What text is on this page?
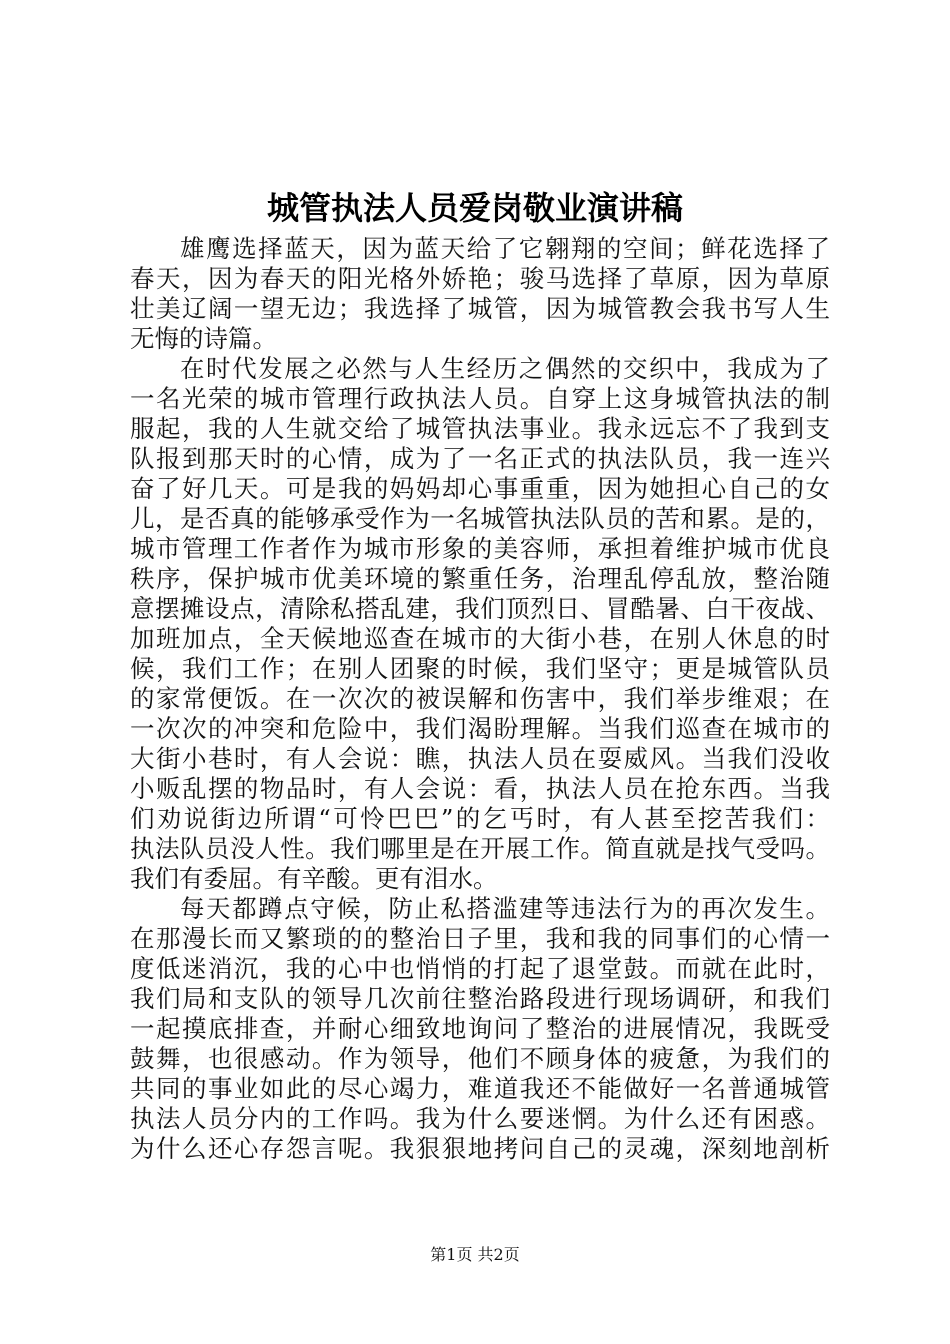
城管执法人员爱岗敬业演讲稿
雄鹰选择蓝天，因为蓝天给了它翱翔的空间；鲜花选择了
春天，因为春天的阳光格外娇艳；骏马选择了草原，因为草原
壮美辽阔一望无边；我选择了城管，因为城管教会我书写人生
无悔的诗篇。
在时代发展之必然与人生经历之偶然的交织中，我成为了
一名光荣的城市管理行政执法人员。自穿上这身城管执法的制
服起，我的人生就交给了城管执法事业。我永远忘不了我到支
队报到那天时的心情，成为了一名正式的执法队员，我一连兴
奋了好几天。可是我的妈妈却心事重重，因为她担心自己的女
儿，是否真的能够承受作为一名城管执法队员的苦和累。是的，
城市管理工作者作为城市形象的美容师，承担着维护城市优良
秩序，保护城市优美环境的繁重任务，治理乱停乱放，整治随
意摆摊设点，清除私搭乱建，我们顶烈日、冒酷暑、白干夜战、
加班加点，全天候地巡查在城市的大街小巷，在别人休息的时
候，我们工作；在别人团聚的时候，我们坚守；更是城管队员
的家常便饭。在一次次的被误解和伤害中，我们举步维艰；在
一次次的冲突和危险中，我们渴盼理解。当我们巡查在城市的
大街小巷时，有人会说：瞧，执法人员在耍威风。当我们没收
小贩乱摆的物品时，有人会说：看，执法人员在抢东西。当我
们劝说街边所谓“可怜巴巴”的乞丐时，有人甚至挖苦我们：
执法队员没人性。我们哪里是在开展工作。简直就是找气受吗。
我们有委屈。有辛酸。更有泪水。
每天都蹲点守候，防止私搭滥建等违法行为的再次发生。
在那漫长而又繁琐的的整治日子里，我和我的同事们的心情一
度低迷消沉，我的心中也悄悄的打起了退堂鼓。而就在此时，
我们局和支队的领导几次前往整治路段进行现场调研，和我们
一起摸底排查，并耐心细致地询问了整治的进展情况，我既受
鼓舞，也很感动。作为领导，他们不顾身体的疲惫，为我们的
共同的事业如此的尽心竭力，难道我还不能做好一名普通城管
执法人员分内的工作吗。我为什么要迷惘。为什么还有困惑。
为什么还心存怨言呢。我狠狠地拷问自己的灵魂，深刻地剖析
第1页 共2页
